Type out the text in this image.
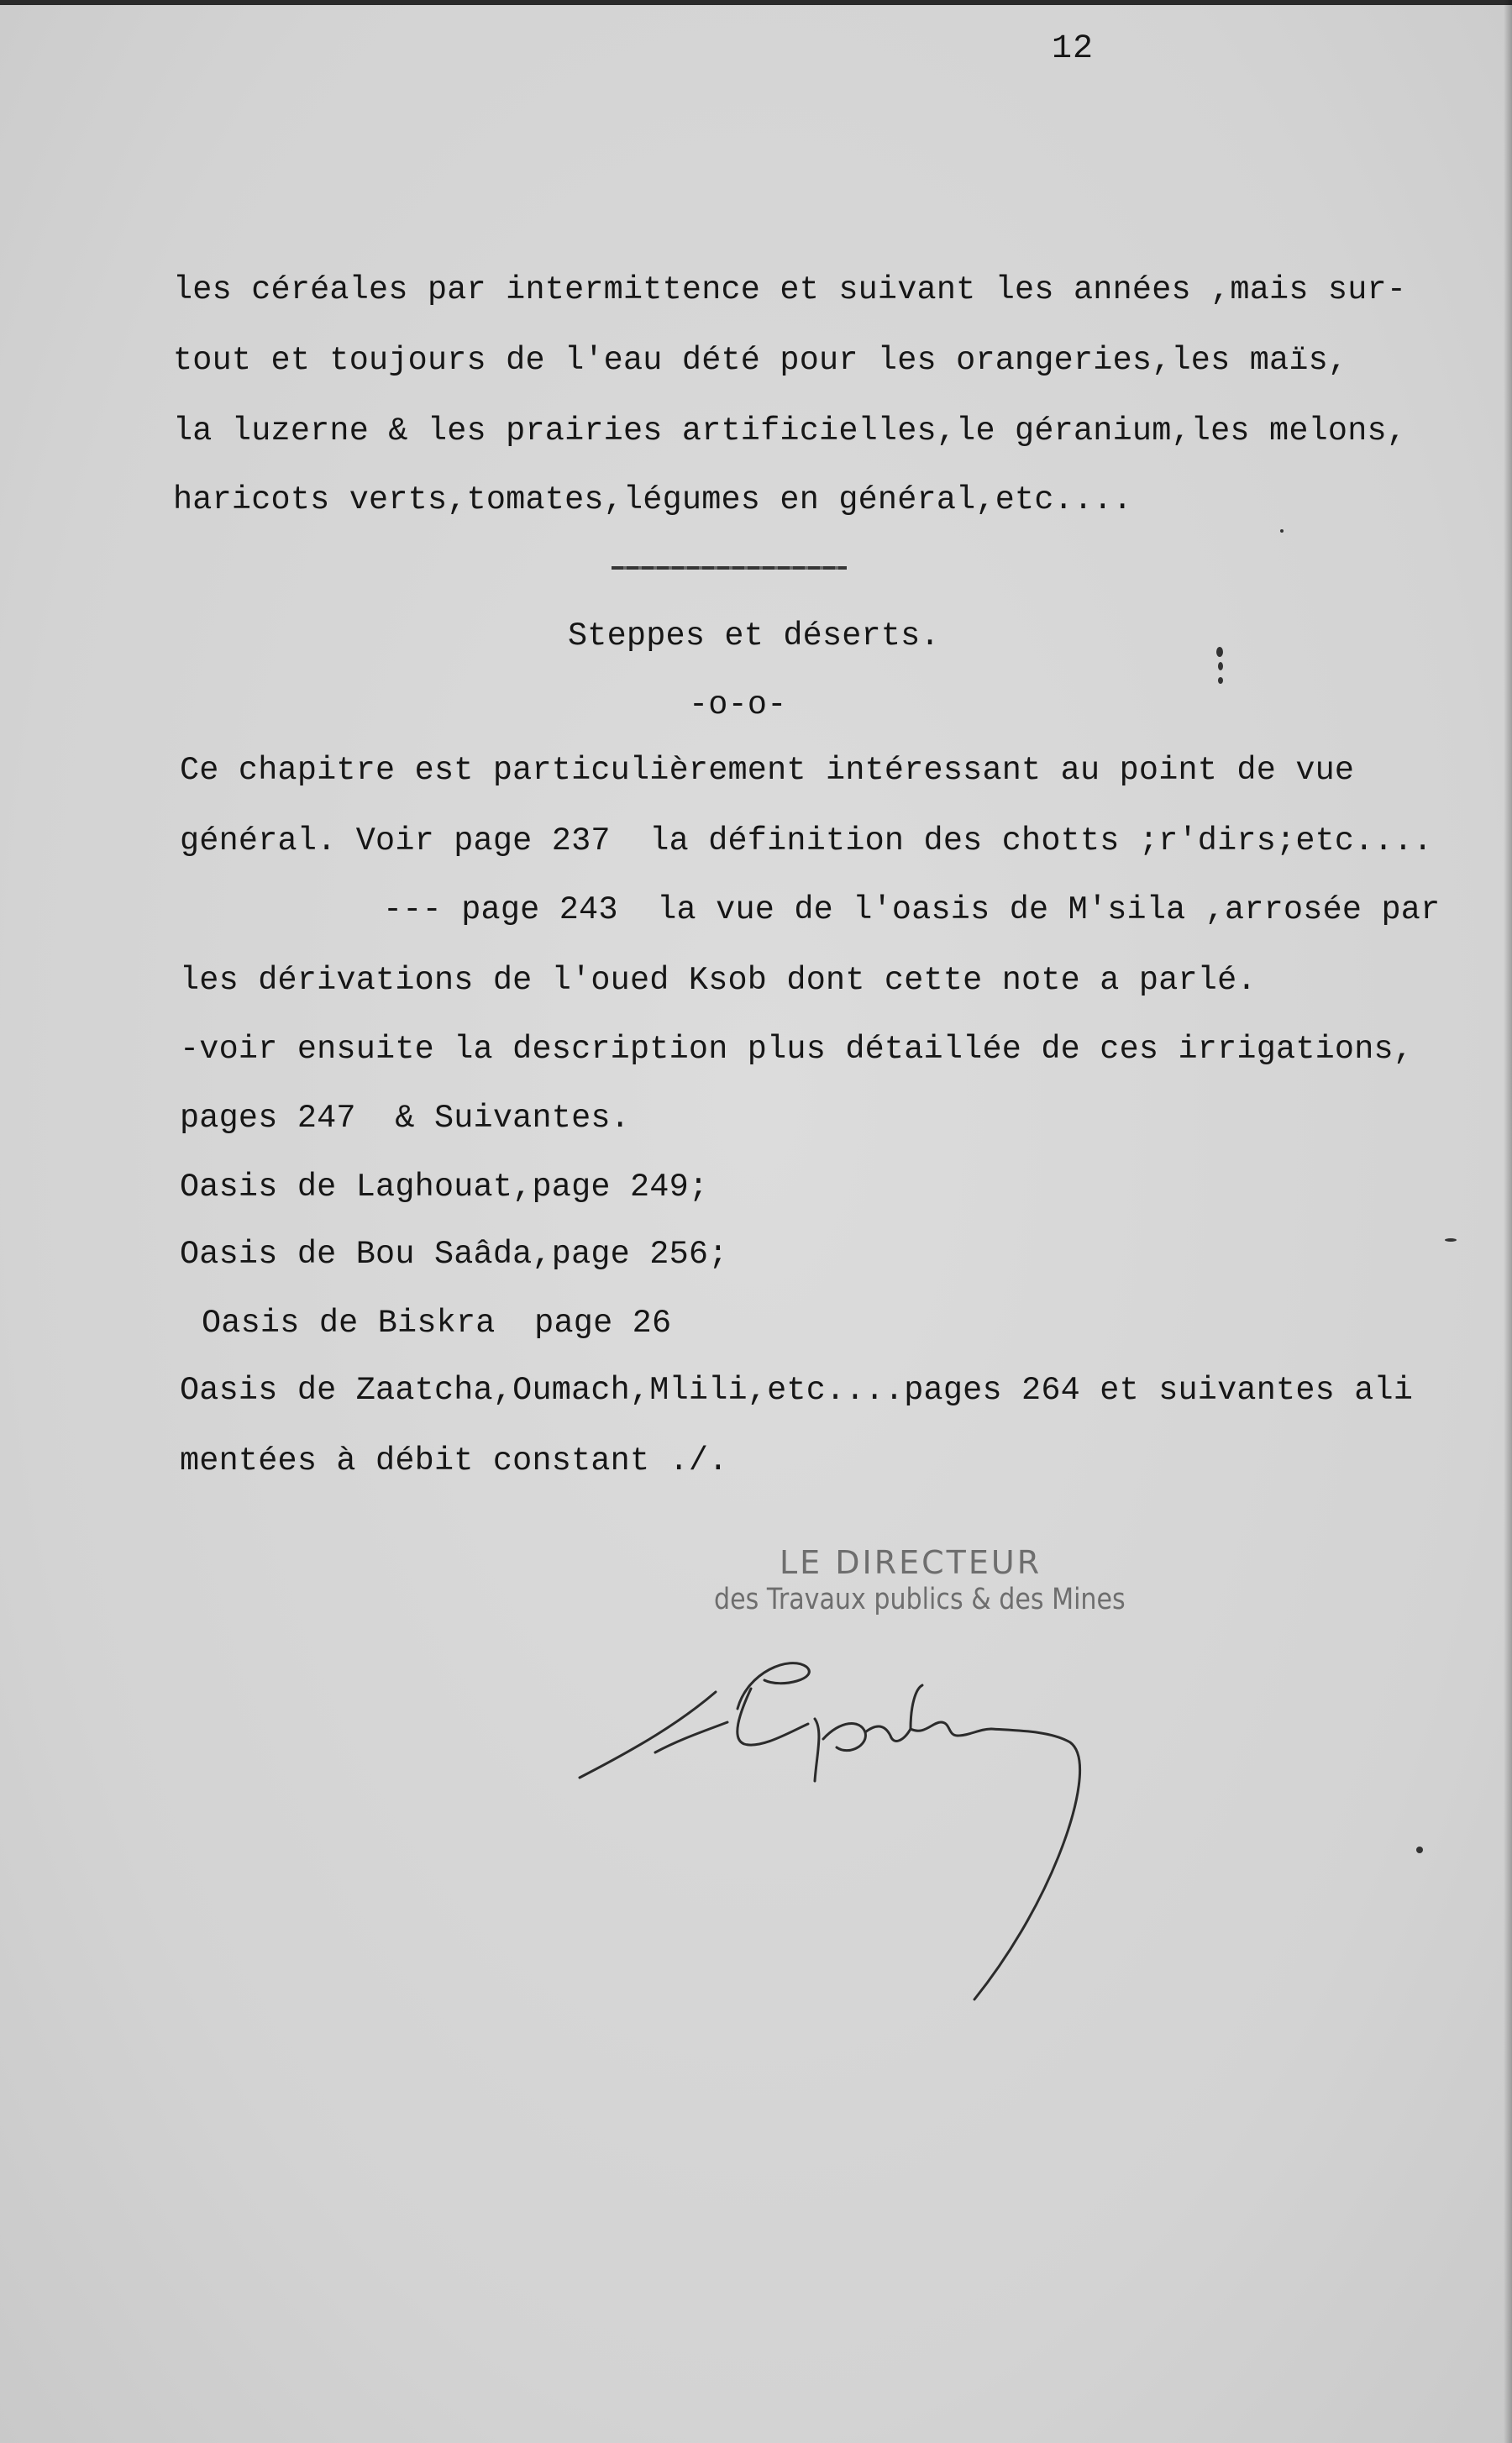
12
les céréales par intermittence et suivant les années ,mais sur-
tout et toujours de l'eau dété pour les orangeries,les maïs,
la luzerne & les prairies artificielles,le géranium,les melons,
haricots verts,tomates,légumes en général,etc....
Steppes et déserts.
-o-o-
Ce chapitre est particulièrement intéressant au point de vue
général. Voir page 237  la définition des chotts ;r'dirs;etc....
--- page 243  la vue de l'oasis de M'sila ,arrosée par
les dérivations de l'oued Ksob dont cette note a parlé.
-voir ensuite la description plus détaillée de ces irrigations,
pages 247  & Suivantes.
Oasis de Laghouat,page 249;
Oasis de Bou Saâda,page 256;
Oasis de Biskra  page 26
Oasis de Zaatcha,Oumach,Mlili,etc....pages 264 et suivantes ali
mentées à débit constant ./.
LE DIRECTEUR
des Travaux publics & des Mines
